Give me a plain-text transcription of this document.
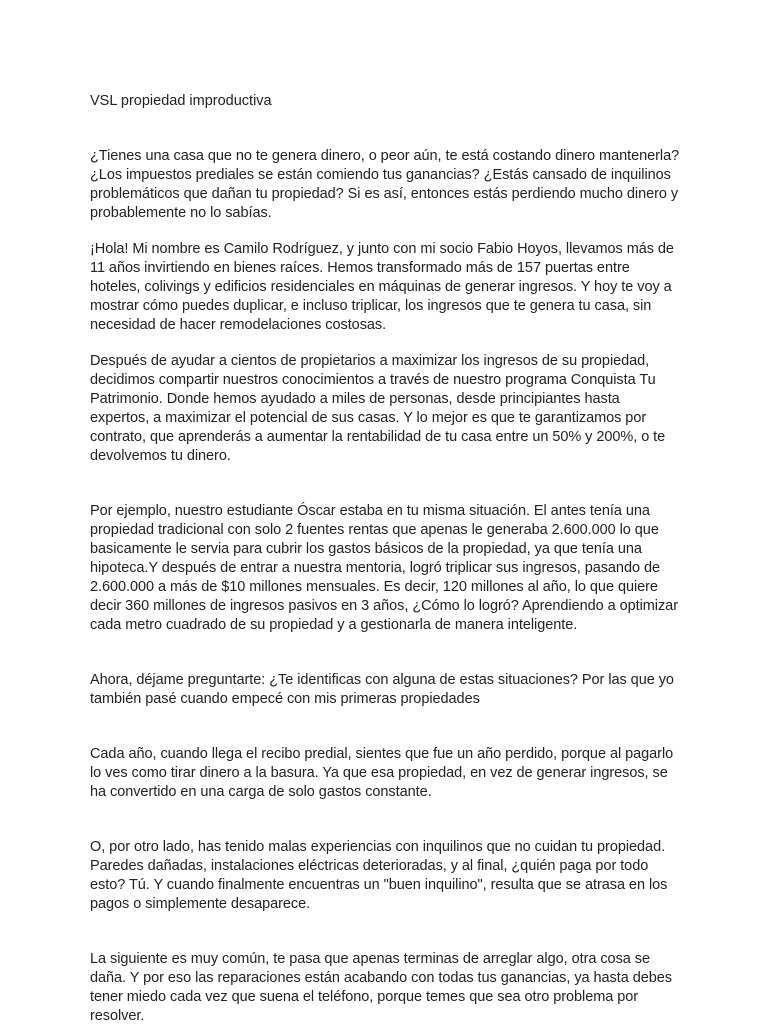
VSL propiedad improductiva

¿Tienes una casa que no te genera dinero, o peor aún, te está costando dinero mantenerla? ¿Los impuestos prediales se están comiendo tus ganancias? ¿Estás cansado de inquilinos problemáticos que dañan tu propiedad? Si es así, entonces estás perdiendo mucho dinero y probablemente no lo sabías.

¡Hola! Mi nombre es Camilo Rodríguez, y junto con mi socio Fabio Hoyos, llevamos más de 11 años invirtiendo en bienes raíces. Hemos transformado más de 157 puertas entre hoteles, colivings y edificios residenciales en máquinas de generar ingresos. Y hoy te voy a mostrar cómo puedes duplicar, e incluso triplicar, los ingresos que te genera tu casa, sin necesidad de hacer remodelaciones costosas.

Después de ayudar a cientos de propietarios a maximizar los ingresos de su propiedad, decidimos compartir nuestros conocimientos a través de nuestro programa Conquista Tu Patrimonio. Donde hemos ayudado a miles de personas, desde principiantes hasta expertos, a maximizar el potencial de sus casas. Y lo mejor es que te garantizamos por contrato, que aprenderás a aumentar la rentabilidad de tu casa entre un 50% y 200%, o te devolvemos tu dinero.

Por ejemplo, nuestro estudiante Óscar estaba en tu misma situación. El antes tenía una propiedad tradicional con solo 2 fuentes rentas que apenas le generaba 2.600.000 lo que basicamente le servia para cubrir los gastos básicos de la propiedad, ya que tenía una hipoteca.Y después de entrar a nuestra mentoria, logró triplicar sus ingresos, pasando de 2.600.000 a más de $10 millones mensuales. Es decir, 120 millones al año, lo que quiere decir 360 millones de ingresos pasivos en 3 años, ¿Cómo lo logró? Aprendiendo a optimizar cada metro cuadrado de su propiedad y a gestionarla de manera inteligente.

Ahora, déjame preguntarte: ¿Te identificas con alguna de estas situaciones? Por las que yo también pasé cuando empecé con mis primeras propiedades

Cada año, cuando llega el recibo predial, sientes que fue un año perdido, porque al pagarlo lo ves como tirar dinero a la basura. Ya que esa propiedad, en vez de generar ingresos, se ha convertido en una carga de solo gastos constante.

O, por otro lado, has tenido malas experiencias con inquilinos que no cuidan tu propiedad. Paredes dañadas, instalaciones eléctricas deterioradas, y al final, ¿quién paga por todo esto? Tú. Y cuando finalmente encuentras un "buen inquilino", resulta que se atrasa en los pagos o simplemente desaparece.

La siguiente es muy común, te pasa que apenas terminas de arreglar algo, otra cosa se daña. Y por eso las reparaciones están acabando con todas tus ganancias, ya hasta debes tener miedo cada vez que suena el teléfono, porque temes que sea otro problema por resolver.
